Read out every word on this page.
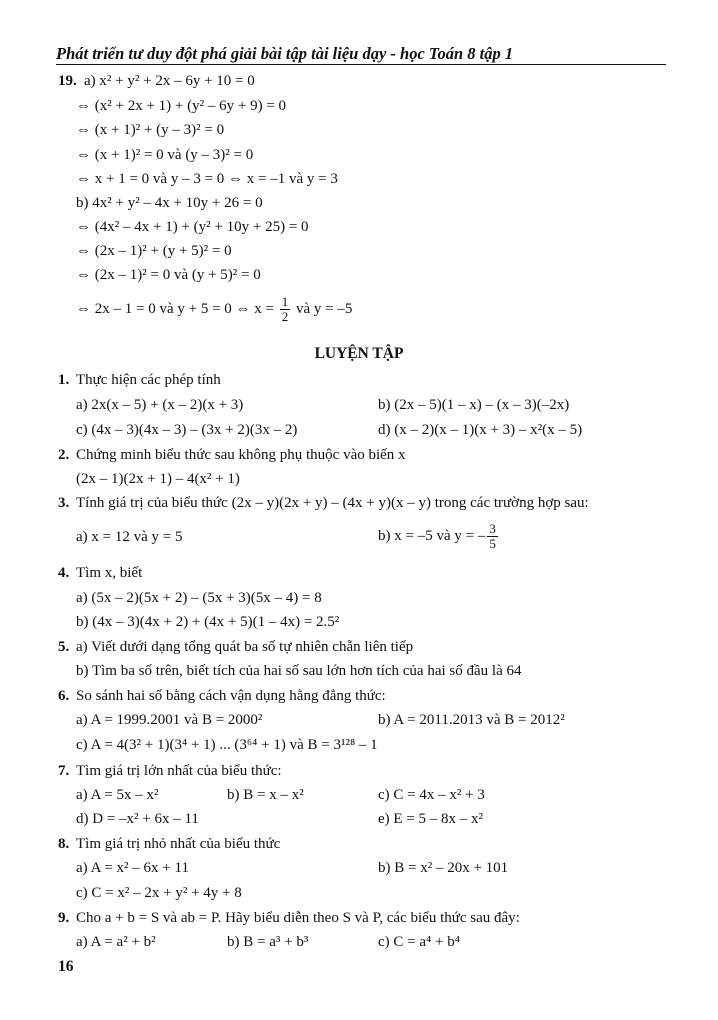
Phát triển tư duy đột phá giải bài tập tài liệu dạy - học Toán 8 tập 1
19. a) x² + y² + 2x – 6y + 10 = 0
⇔ (x² + 2x + 1) + (y² – 6y + 9) = 0
⇔ (x + 1)² + (y – 3)² = 0
⇔ (x + 1)² = 0 và (y – 3)² = 0
⇔ x + 1 = 0 và y – 3 = 0 ⇔ x = –1 và y = 3
b) 4x² + y² – 4x + 10y + 26 = 0
⇔ (4x² – 4x + 1) + (y² + 10y + 25) = 0
⇔ (2x – 1)² + (y + 5)² = 0
⇔ (2x – 1)² = 0 và (y + 5)² = 0
⇔ 2x – 1 = 0 và y + 5 = 0 ⇔ $x = \frac{1}{2}$ và y = –5
LUYỆN TẬP
1. Thực hiện các phép tính
a) 2x(x – 5) + (x – 2)(x + 3)	b) (2x – 5)(1 – x) – (x – 3)(–2x)
c) (4x – 3)(4x – 3) – (3x + 2)(3x – 2)	d) (x – 2)(x – 1)(x + 3) – x²(x – 5)
2. Chứng minh biểu thức sau không phụ thuộc vào biến x
(2x – 1)(2x + 1) – 4(x² + 1)
3. Tính giá trị của biểu thức (2x – y)(2x + y) – (4x + y)(x – y) trong các trường hợp sau:
a) x = 12 và y = 5	b) x = –5 và y = – $\frac{3}{5}$
4. Tìm x, biết
a) (5x – 2)(5x + 2) – (5x + 3)(5x – 4) = 8
b) (4x – 3)(4x + 2) + (4x + 5)(1 – 4x) = 2.5²
5. a) Viết dưới dạng tổng quát ba số tự nhiên chẵn liên tiếp
b) Tìm ba số trên, biết tích của hai số sau lớn hơn tích của hai số đầu là 64
6. So sánh hai số bằng cách vận dụng hằng đẳng thức:
a) A = 1999.2001 và B = 2000²	b) A = 2011.2013 và B = 2012²
c) A = 4(3² + 1)(3⁴ + 1) ... (3⁶⁴ + 1) và B = 3¹²⁸ – 1
7. Tìm giá trị lớn nhất của biểu thức:
a) A = 5x – x²	b) B = x – x²	c) C = 4x – x² + 3
d) D = –x² + 6x – 11	e) E = 5 – 8x – x²
8. Tìm giá trị nhỏ nhất của biểu thức
a) A = x² – 6x + 11	b) B = x² – 20x + 101
c) C = x² – 2x + y² + 4y + 8
9. Cho a + b = S và ab = P. Hãy biểu diễn theo S và P, các biểu thức sau đây:
a) A = a² + b²	b) B = a³ + b³	c) C = a⁴ + b⁴
16
